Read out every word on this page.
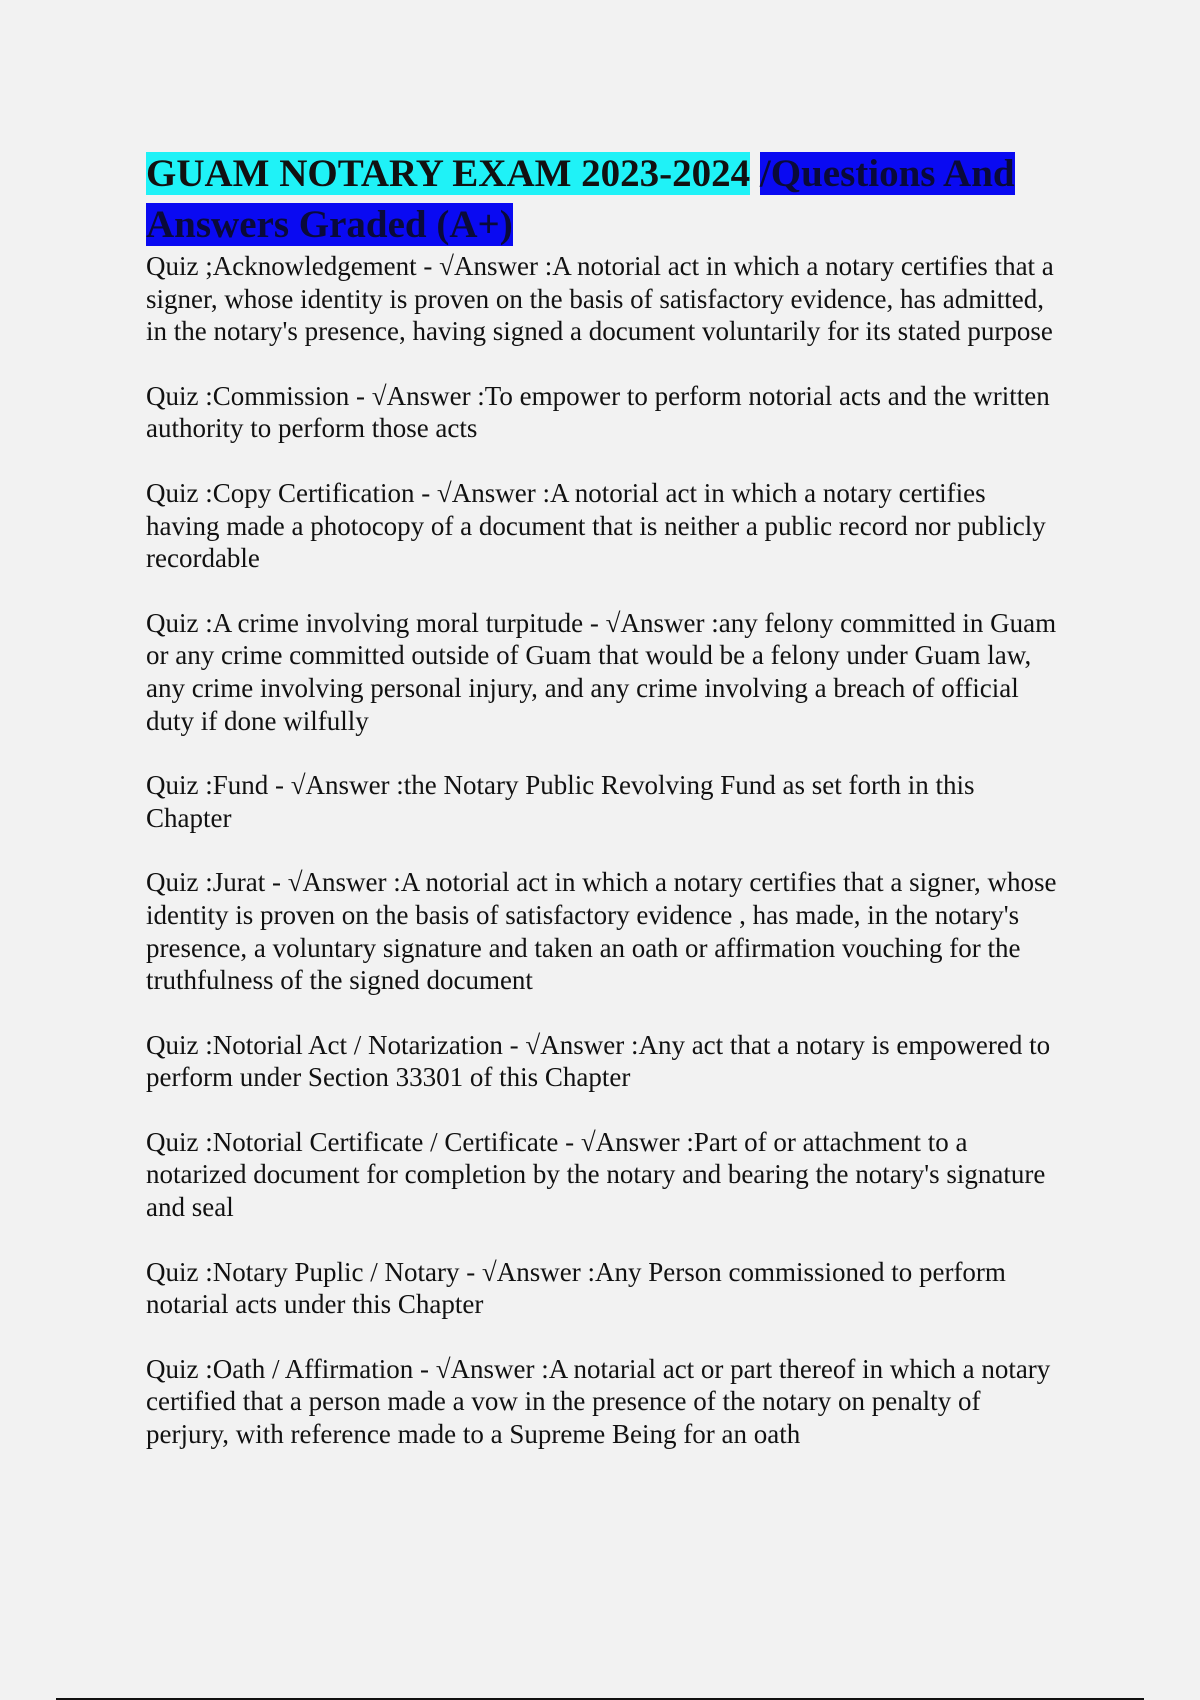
GUAM NOTARY EXAM 2023-2024 /Questions And Answers Graded (A+)
Quiz ;Acknowledgement - √Answer :A notorial act in which a notary certifies that a signer, whose identity is proven on the basis of satisfactory evidence, has admitted, in the notary's presence, having signed a document voluntarily for its stated purpose
Quiz :Commission - √Answer :To empower to perform notorial acts and the written authority to perform those acts
Quiz :Copy Certification - √Answer :A notorial act in which a notary certifies having made a photocopy of a document that is neither a public record nor publicly recordable
Quiz :A crime involving moral turpitude - √Answer :any felony committed in Guam or any crime committed outside of Guam that would be a felony under Guam law, any crime involving personal injury, and any crime involving a breach of official duty if done wilfully
Quiz :Fund - √Answer :the Notary Public Revolving Fund as set forth in this Chapter
Quiz :Jurat - √Answer :A notorial act in which a notary certifies that a signer, whose identity is proven on the basis of satisfactory evidence , has made, in the notary's presence, a voluntary signature and taken an oath or affirmation vouching for the truthfulness of the signed document
Quiz :Notorial Act / Notarization - √Answer :Any act that a notary is empowered to perform under Section 33301 of this Chapter
Quiz :Notorial Certificate / Certificate - √Answer :Part of or attachment to a notarized document for completion by the notary and bearing the notary's signature and seal
Quiz :Notary Puplic / Notary - √Answer :Any Person commissioned to perform notarial acts under this Chapter
Quiz :Oath / Affirmation - √Answer :A notarial act or part thereof in which a notary certified that a person made a vow in the presence of the notary on penalty of perjury, with reference made to a Supreme Being for an oath
